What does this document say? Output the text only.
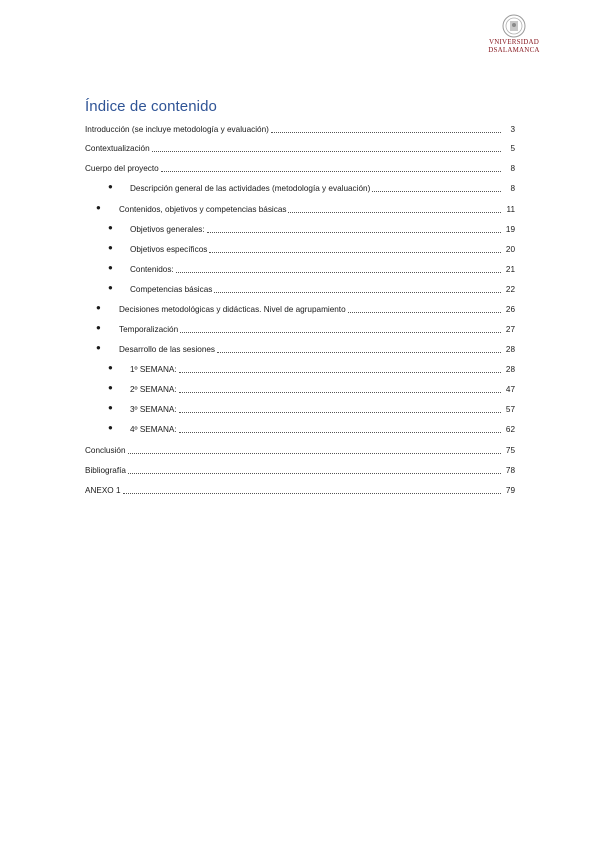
VNIVERSIDAD
DSALAMANCA
Índice de contenido
Introducción (se incluye metodología y evaluación)	3
Contextualización	5
Cuerpo del proyecto	8
● Descripción general de las actividades (metodología y evaluación)	8
● Contenidos, objetivos y competencias básicas	11
● Objetivos generales:	19
● Objetivos específicos	20
● Contenidos:	21
● Competencias básicas	22
● Decisiones metodológicas y didácticas. Nivel de agrupamiento	26
● Temporalización	27
● Desarrollo de las sesiones	28
● 1º SEMANA:	28
● 2º SEMANA:	47
● 3º SEMANA:	57
● 4º SEMANA:	62
Conclusión	75
Bibliografía	78
ANEXO 1	79
